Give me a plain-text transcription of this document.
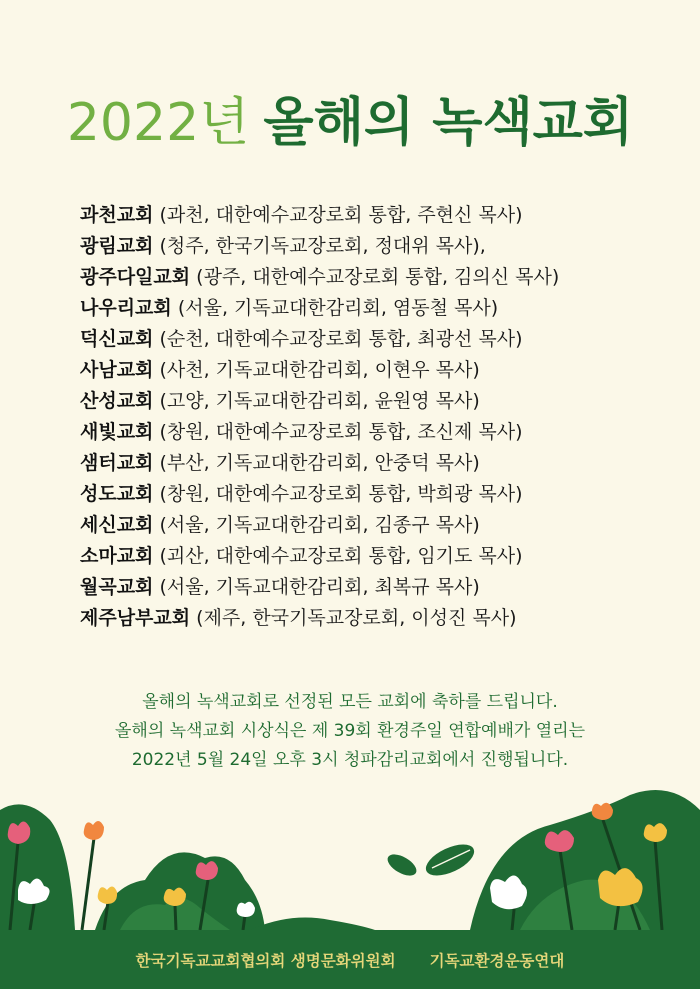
2022년 올해의 녹색교회
과천교회 (과천, 대한예수교장로회 통합, 주현신 목사)
광림교회 (청주, 한국기독교장로회, 정대위 목사),
광주다일교회 (광주, 대한예수교장로회 통합, 김의신 목사)
나우리교회 (서울, 기독교대한감리회, 염동철 목사)
덕신교회 (순천, 대한예수교장로회 통합, 최광선 목사)
사남교회 (사천, 기독교대한감리회, 이현우 목사)
산성교회 (고양, 기독교대한감리회, 윤원영 목사)
새빛교회 (창원, 대한예수교장로회 통합, 조신제 목사)
샘터교회 (부산, 기독교대한감리회, 안중덕 목사)
성도교회 (창원, 대한예수교장로회 통합, 박희광 목사)
세신교회 (서울, 기독교대한감리회, 김종구 목사)
소마교회 (괴산, 대한예수교장로회 통합, 임기도 목사)
월곡교회 (서울, 기독교대한감리회, 최복규 목사)
제주남부교회 (제주, 한국기독교장로회, 이성진 목사)
올해의 녹색교회로 선정된 모든 교회에 축하를 드립니다.
올해의 녹색교회 시상식은 제 39회 환경주일 연합예배가 열리는
2022년 5월 24일 오후 3시 청파감리교회에서 진행됩니다.
한국기독교교회협의회 생명문화위원회 기독교환경운동연대
